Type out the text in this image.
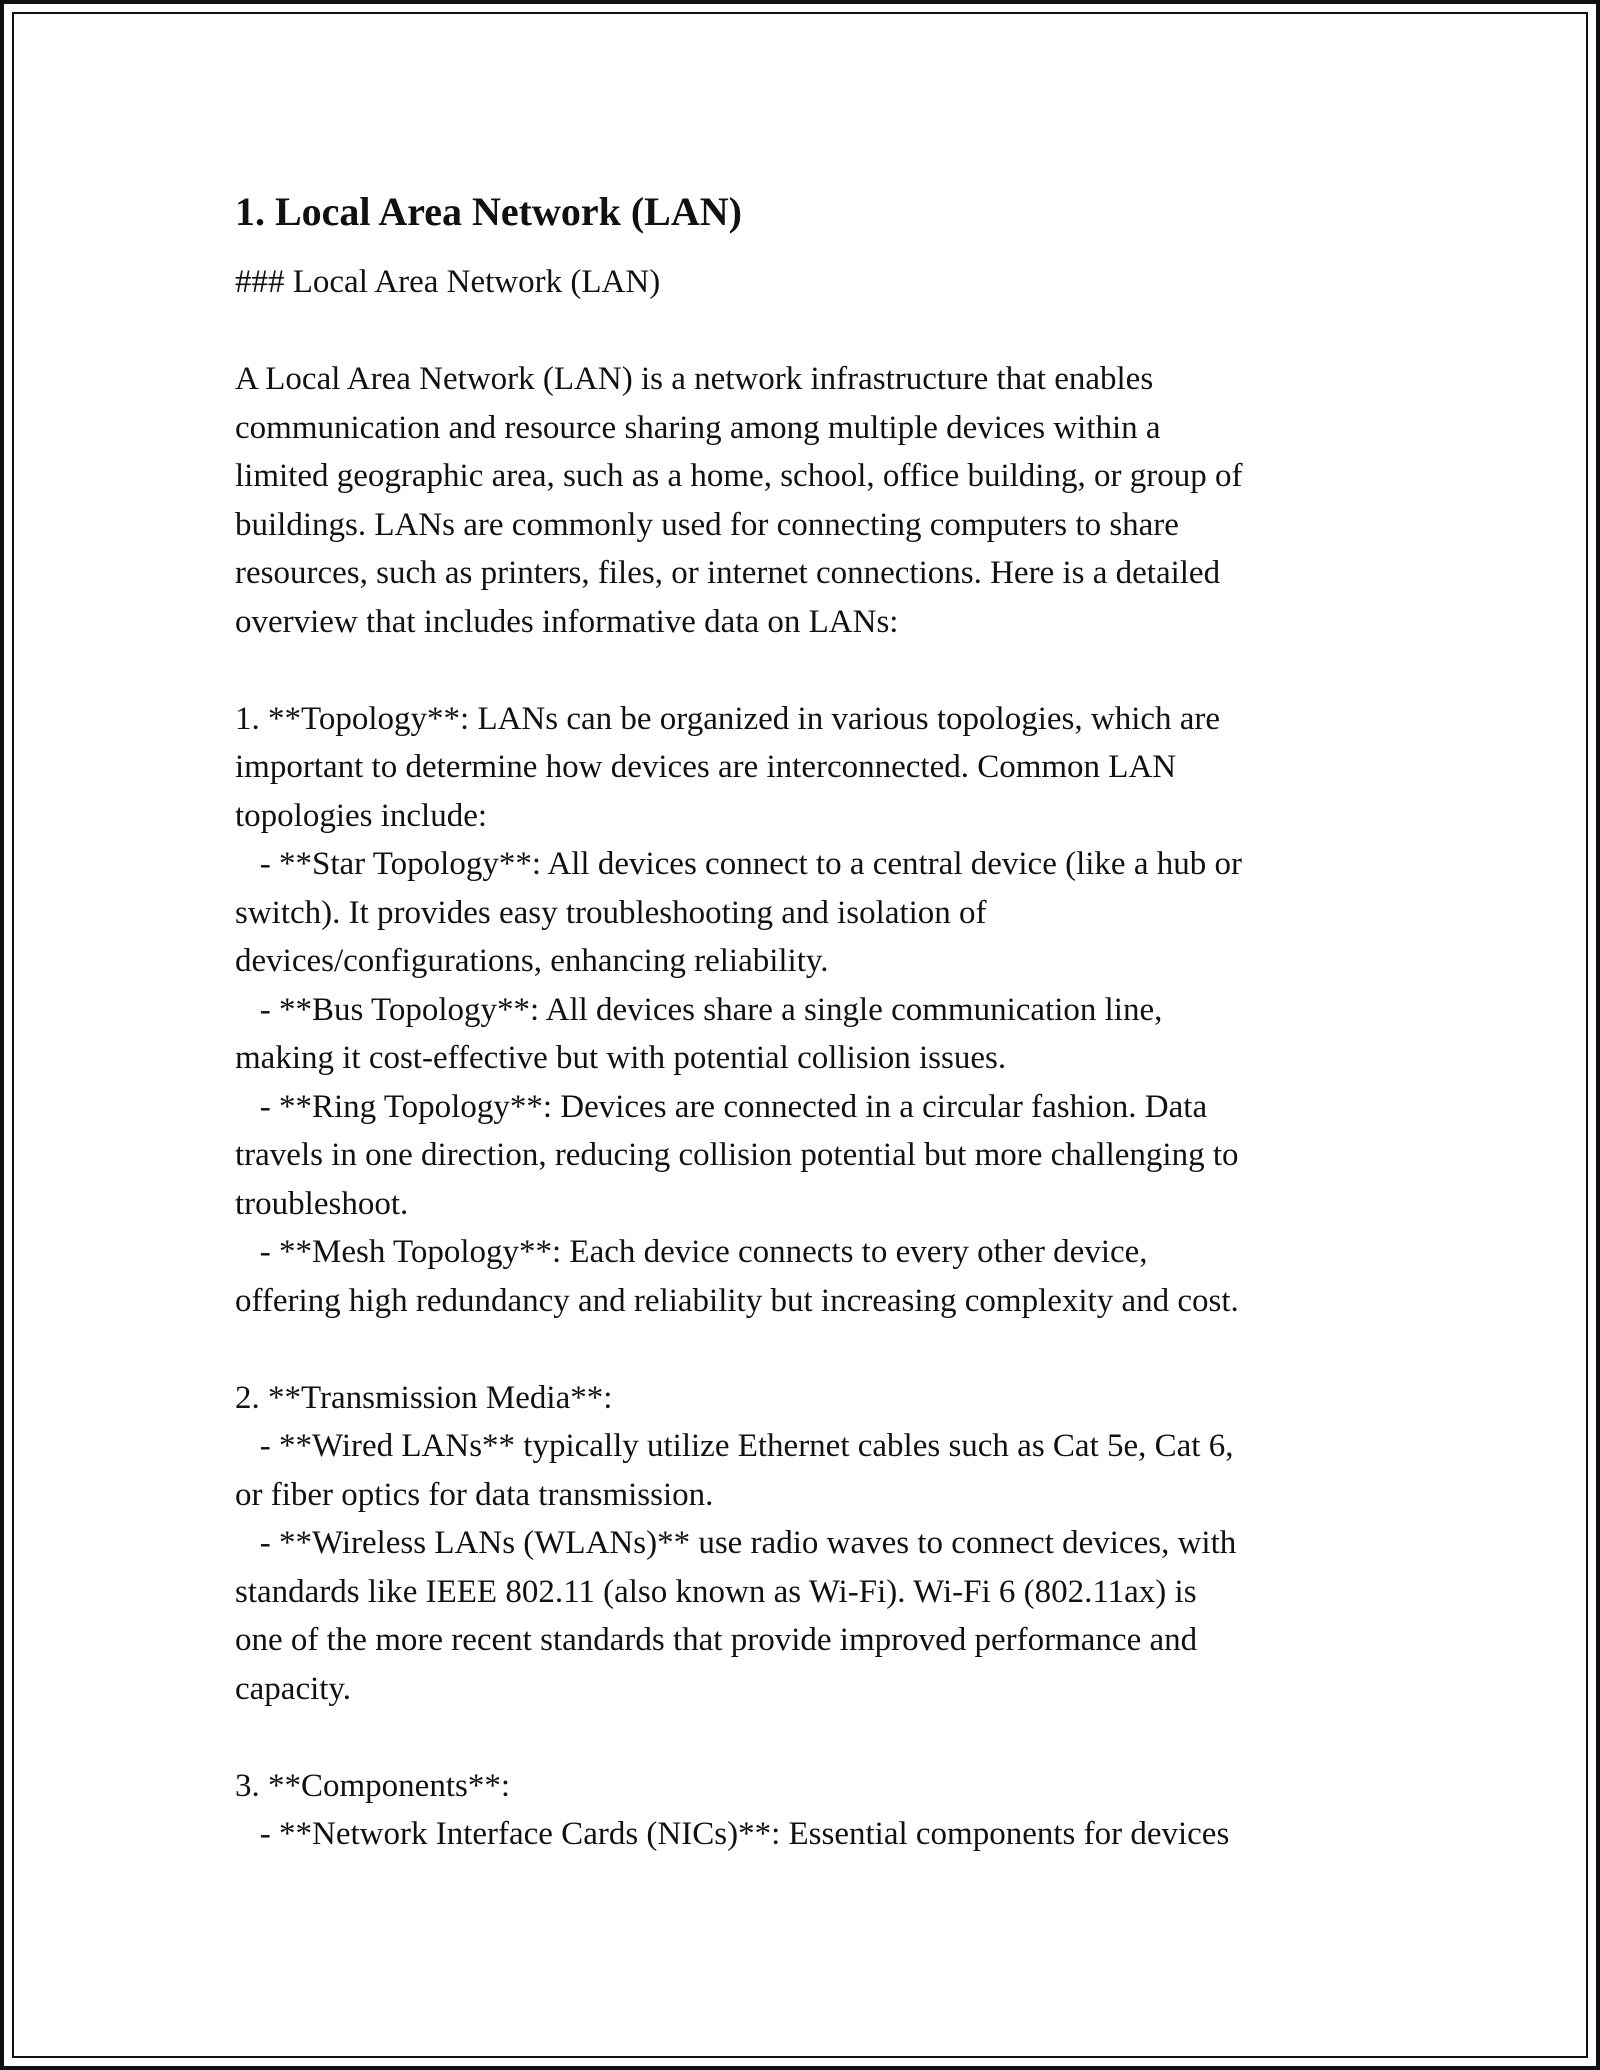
1. Local Area Network (LAN)

### Local Area Network (LAN)

A Local Area Network (LAN) is a network infrastructure that enables
communication and resource sharing among multiple devices within a
limited geographic area, such as a home, school, office building, or group of
buildings. LANs are commonly used for connecting computers to share
resources, such as printers, files, or internet connections. Here is a detailed
overview that includes informative data on LANs:

1. **Topology**: LANs can be organized in various topologies, which are
important to determine how devices are interconnected. Common LAN
topologies include:
- **Star Topology**: All devices connect to a central device (like a hub or
switch). It provides easy troubleshooting and isolation of
devices/configurations, enhancing reliability.
- **Bus Topology**: All devices share a single communication line,
making it cost-effective but with potential collision issues.
- **Ring Topology**: Devices are connected in a circular fashion. Data
travels in one direction, reducing collision potential but more challenging to
troubleshoot.
- **Mesh Topology**: Each device connects to every other device,
offering high redundancy and reliability but increasing complexity and cost.

2. **Transmission Media**:
- **Wired LANs** typically utilize Ethernet cables such as Cat 5e, Cat 6,
or fiber optics for data transmission.
- **Wireless LANs (WLANs)** use radio waves to connect devices, with
standards like IEEE 802.11 (also known as Wi-Fi). Wi-Fi 6 (802.11ax) is
one of the more recent standards that provide improved performance and
capacity.

3. **Components**:
- **Network Interface Cards (NICs)**: Essential components for devices
